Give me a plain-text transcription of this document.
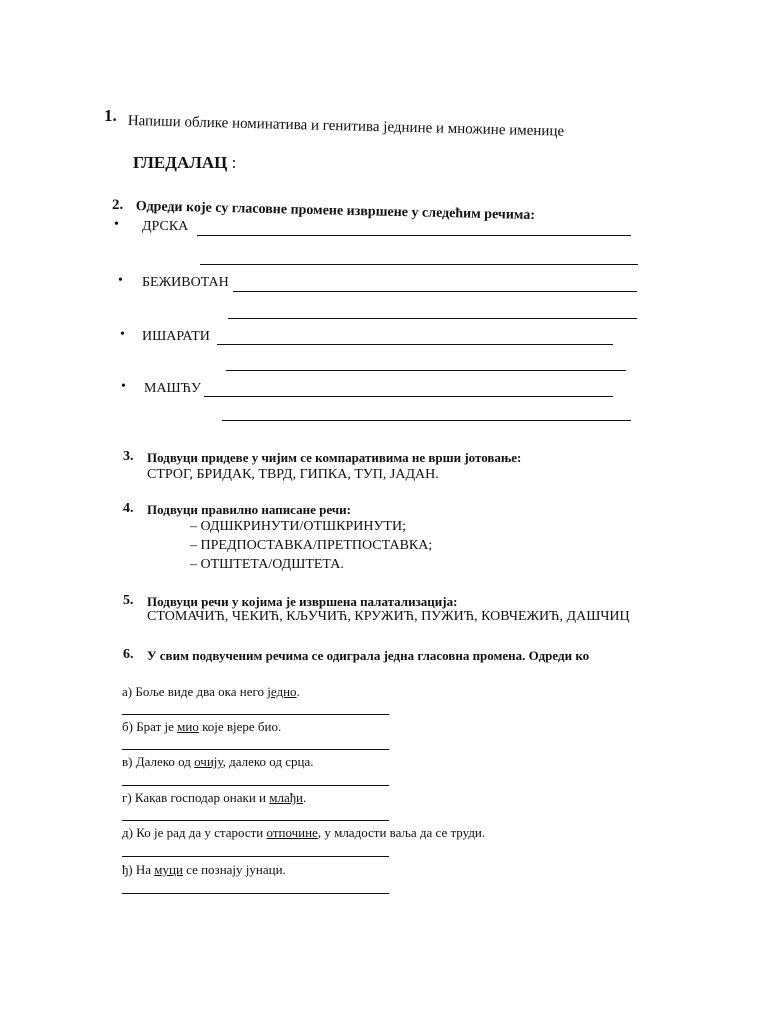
1. Напиши облике номинатива и генитива једнине и множине именице
ГЛЕДАЛАЦ :
2. Одреди које су гласовне промене извршене у следећим речима:
• ДРСКА
• БЕЖИВОТАН
• ИШАРАТИ
• МАШЋУ
3. Подвуци придеве у чијим се компаративима не врши јотовање:
СТРОГ, БРИДАК, ТВРД, ГИПКА, ТУП, ЈАДАН.
4. Подвуци правилно написане речи:
– ОДШКРИНУТИ/ОТШКРИНУТИ;
– ПРЕДПОСТАВКА/ПРЕТПОСТАВКА;
– ОТШТЕТА/ОДШТЕТА.
5. Подвуци речи у којима је извршена палатализација:
СТОМАЧИЋ, ЧЕКИЋ, КЉУЧИЋ, КРУЖИЋ, ПУЖИЋ, КОВЧЕЖИЋ, ДАШЧИЦ
6. У свим подвученим речима се одиграла једна гласовна промена. Одреди ко
а) Боље виде два ока него једно.
б) Брат је мио које вјере био.
в) Далеко од очију, далеко од срца.
г) Какав господар онаки и млађи.
д) Ко је рад да у старости отпочине, у младости ваља да се труди.
ђ) На муци се познају јунаци.
